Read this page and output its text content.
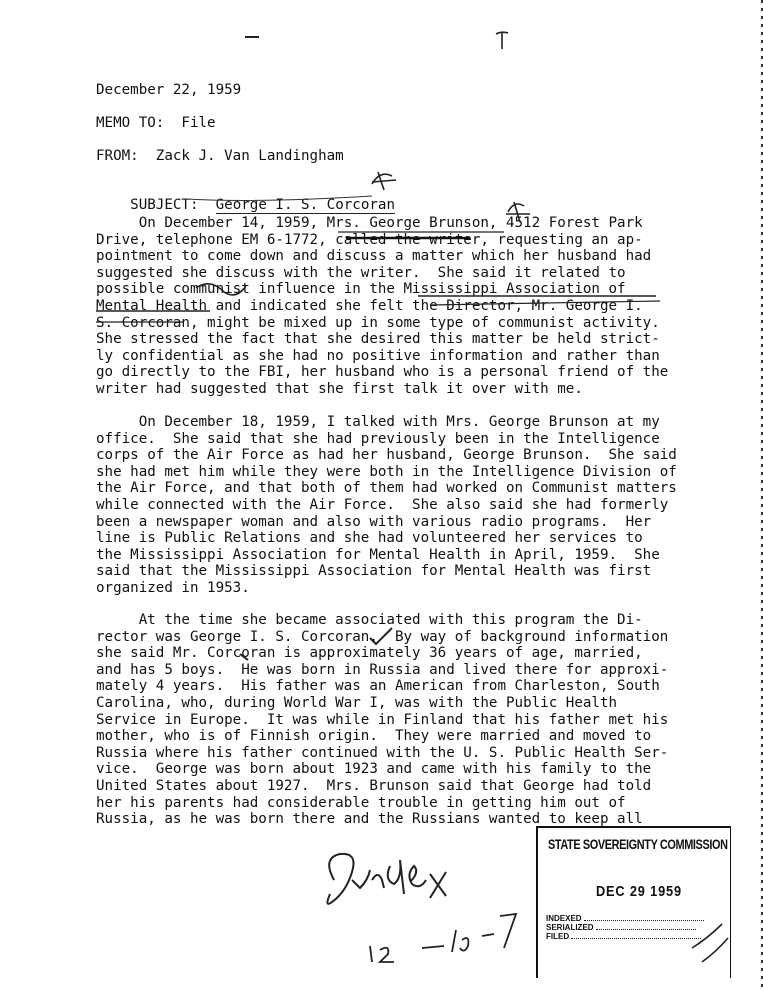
December 22, 1959
MEMO TO:  File
FROM:  Zack J. Van Landingham

SUBJECT: George I. S. Corcoran

On December 14, 1959, Mrs. George Brunson, 4512 Forest Park
Drive, telephone EM 6-1772, called the writer, requesting an ap-
pointment to come down and discuss a matter which her husband had
suggested she discuss with the writer.  She said it related to
possible communist influence in the Mississippi Association of
Mental Health and indicated she felt the Director, Mr. George I.
S. Corcoran, might be mixed up in some type of communist activity.
She stressed the fact that she desired this matter be held strict-
ly confidential as she had no positive information and rather than
go directly to the FBI, her husband who is a personal friend of the
writer had suggested that she first talk it over with me.
On December 18, 1959, I talked with Mrs. George Brunson at my
office.  She said that she had previously been in the Intelligence
corps of the Air Force as had her husband, George Brunson.  She said
she had met him while they were both in the Intelligence Division of
the Air Force, and that both of them had worked on Communist matters
while connected with the Air Force.  She also said she had formerly
been a newspaper woman and also with various radio programs.  Her
line is Public Relations and she had volunteered her services to
the Mississippi Association for Mental Health in April, 1959.  She
said that the Mississippi Association for Mental Health was first
organized in 1953.
At the time she became associated with this program the Di-
rector was George I. S. Corcoran.  By way of background information
she said Mr. Corcoran is approximately 36 years of age, married,
and has 5 boys.  He was born in Russia and lived there for approxi-
mately 4 years.  His father was an American from Charleston, South
Carolina, who, during World War I, was with the Public Health
Service in Europe.  It was while in Finland that his father met his
mother, who is of Finnish origin.  They were married and moved to
Russia where his father continued with the U. S. Public Health Ser-
vice.  George was born about 1923 and came with his family to the
United States about 1927.  Mrs. Brunson said that George had told
her his parents had considerable trouble in getting him out of
Russia, as he was born there and the Russians wanted to keep all
STATE SOVEREIGNTY COMMISSION
DEC 29 1959
INDEXED
SERIALIZED
FILED
